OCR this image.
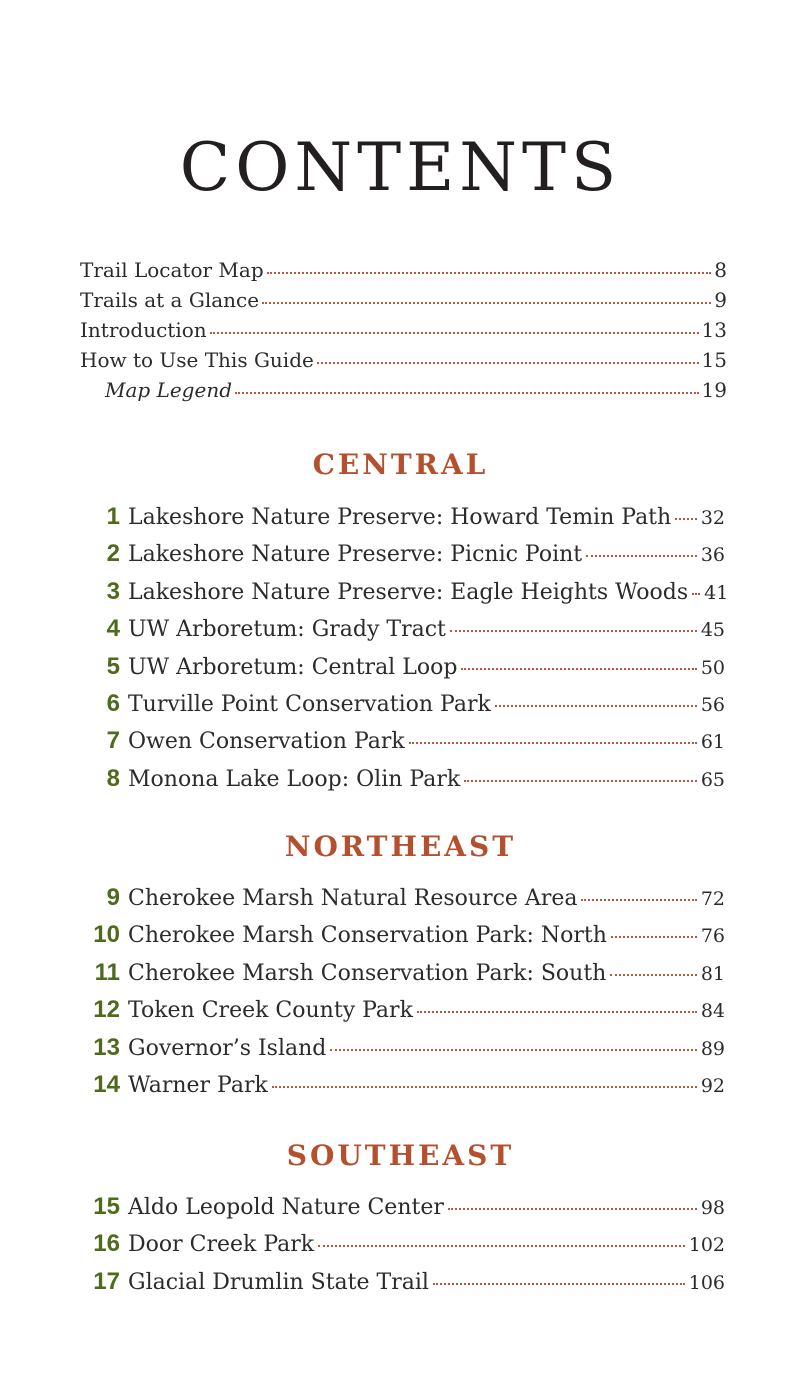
CONTENTS
Trail Locator Map	8
Trails at a Glance	9
Introduction	13
How to Use This Guide	15
Map Legend	19
CENTRAL
1 Lakeshore Nature Preserve: Howard Temin Path 32
2 Lakeshore Nature Preserve: Picnic Point	36
3 Lakeshore Nature Preserve: Eagle Heights Woods 41
4 UW Arboretum: Grady Tract	45
5 UW Arboretum: Central Loop	50
6 Turville Point Conservation Park	56
7 Owen Conservation Park	61
8 Monona Lake Loop: Olin Park	65
NORTHEAST
9 Cherokee Marsh Natural Resource Area	72
10 Cherokee Marsh Conservation Park: North	76
11 Cherokee Marsh Conservation Park: South	81
12 Token Creek County Park	84
13 Governor’s Island	89
14 Warner Park	92
SOUTHEAST
15 Aldo Leopold Nature Center	98
16 Door Creek Park	102
17 Glacial Drumlin State Trail	106
